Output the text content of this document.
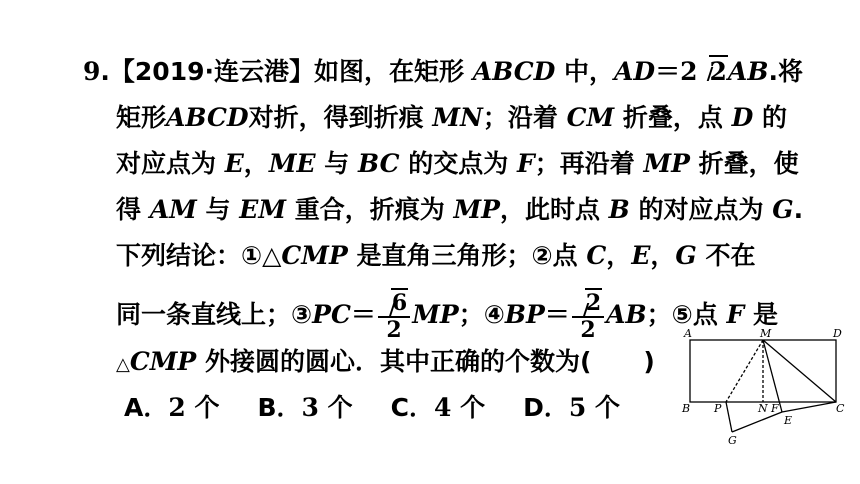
9.【2019·连云港】如图，在矩形 ABCD 中，AD＝2 2AB.将
矩形ABCD对折，得到折痕 MN；沿着 CM 折叠，点 D 的
对应点为 E，ME 与 BC 的交点为 F；再沿着 MP 折叠，使
得 AM 与 EM 重合，折痕为 MP，此时点 B 的对应点为 G.
下列结论：①△CMP 是直角三角形；②点 C，E，G 不在
同一条直线上；③PC＝ $\frac{6}{2}$ MP；④BP＝ $\frac{2}{2}$ AB；⑤点 F 是
△CMP 外接圆的圆心．其中正确的个数为( )
A．2 个 B．3 个 C．4 个 D．5 个
A	M	D
B P	N F	C
E
G
